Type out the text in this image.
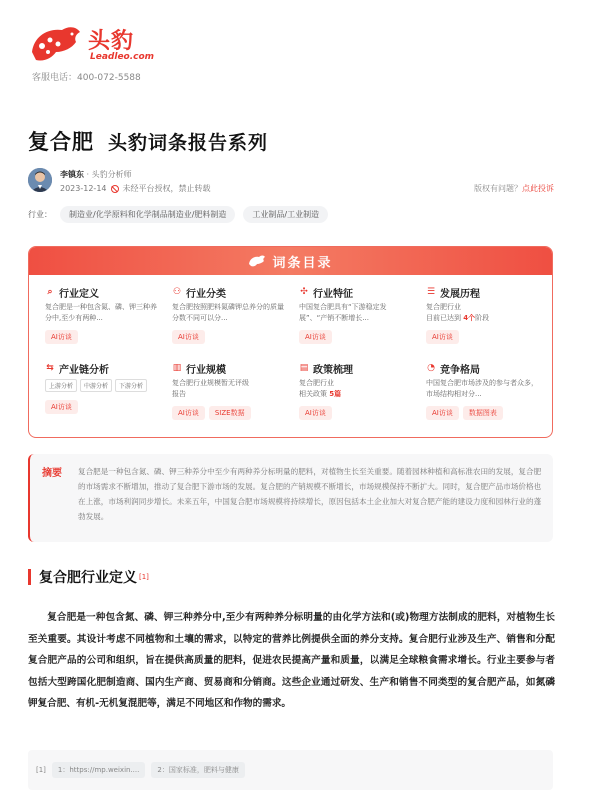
头豹
Leadleo.com
客服电话：400-072-5588
复合肥 头豹词条报告系列
李镇东 · 头豹分析师
2023-12-14 未经平台授权，禁止转载	版权有问题？点此投诉
行业：	制造业/化学原料和化学制品制造业/肥料制造	工业制品/工业制造
词条目录
⌕ 行业定义
复合肥是一种包含氮、磷、钾三种养分中,至少有两种...
AI访谈
⚇ 行业分类
复合肥按照肥料氮磷钾总养分的质量分数不同可以分...
AI访谈
✣ 行业特征
中国复合肥具有“下游稳定发展”、“产销不断增长...
AI访谈
☰ 发展历程
复合肥行业
目前已达到 4个阶段
AI访谈
⇆ 产业链分析
上游分析	中游分析	下游分析
AI访谈
▥ 行业规模
复合肥行业规模暂无评级报告
AI访谈	SIZE数据
▤ 政策梳理
复合肥行业
相关政策 5篇
AI访谈
◔ 竞争格局
中国复合肥市场涉及的参与者众多，市场结构相对分...
AI访谈	数据图表
摘要 复合肥是一种包含氮、磷、钾三种养分中至少有两种养分标明量的肥料，对植物生长至关重要。随着园林种植和高标准农田的发展，复合肥的市场需求不断增加，推动了复合肥下游市场的发展。复合肥的产销规模不断增长，市场规模保持不断扩大。同时，复合肥产品市场价格也在上涨，市场利润同步增长。未来五年，中国复合肥市场规模将持续增长，原因包括本土企业加大对复合肥产能的建设力度和园林行业的蓬勃发展。
复合肥行业定义 [1]
复合肥是一种包含氮、磷、钾三种养分中,至少有两种养分标明量的由化学方法和(或)物理方法制成的肥料，对植物生长至关重要。其设计考虑不同植物和土壤的需求，以特定的营养比例提供全面的养分支持。复合肥行业涉及生产、销售和分配复合肥产品的公司和组织，旨在提供高质量的肥料，促进农民提高产量和质量，以满足全球粮食需求增长。行业主要参与者包括大型跨国化肥制造商、国内生产商、贸易商和分销商。这些企业通过研发、生产和销售不同类型的复合肥产品，如氮磷钾复合肥、有机-无机复混肥等，满足不同地区和作物的需求。
[1]	1：https://mp.weixin....	2：国家标准，肥料与健康
